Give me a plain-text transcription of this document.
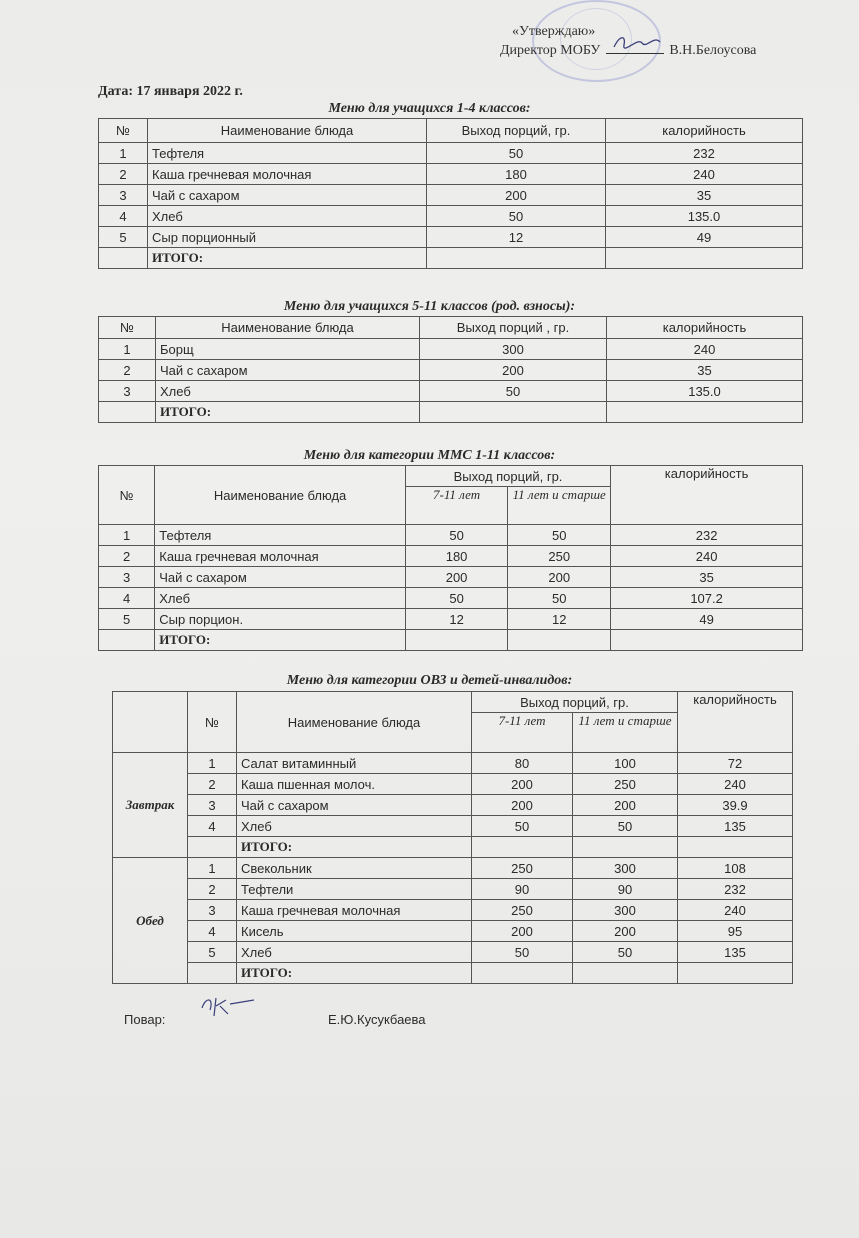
«Утверждаю»
Директор МОБУ	В.Н.Белоусова
Дата: 17 января 2022 г.
Меню для учащихся 1-4 классов:
№	Наименование блюда	Выход порций, гр.	калорийность
1	Тефтеля	50	232
2	Каша гречневая молочная	180	240
3	Чай с сахаром	200	35
4	Хлеб	50	135.0
5	Сыр порционный	12	49
	ИТОГО:		
Меню для учащихся 5-11 классов (род. взносы):
№	Наименование блюда	Выход порций , гр.	калорийность
1	Борщ	300	240
2	Чай с сахаром	200	35
3	Хлеб	50	135.0
	ИТОГО:		
Меню для категории ММС 1-11 классов:
№	Наименование блюда	Выход порций, гр.		калорийность
		7-11 лет	11 лет и старше	
1	Тефтеля	50	50	232
2	Каша гречневая молочная	180	250	240
3	Чай с сахаром	200	200	35
4	Хлеб	50	50	107.2
5	Сыр порцион.	12	12	49
	ИТОГО:			
Меню для категории ОВЗ и детей-инвалидов:
	№	Наименование блюда	Выход порций, гр.		калорийность
			7-11 лет	11 лет и старше	
Завтрак	1	Салат витаминный	80	100	72
	2	Каша пшенная молоч.	200	250	240
	3	Чай с сахаром	200	200	39.9
	4	Хлеб	50	50	135
		ИТОГО:			
Обед	1	Свекольник	250	300	108
	2	Тефтели	90	90	232
	3	Каша гречневая молочная	250	300	240
	4	Кисель	200	200	95
	5	Хлеб	50	50	135
		ИТОГО:			
Повар:	Е.Ю.Кусукбаева
